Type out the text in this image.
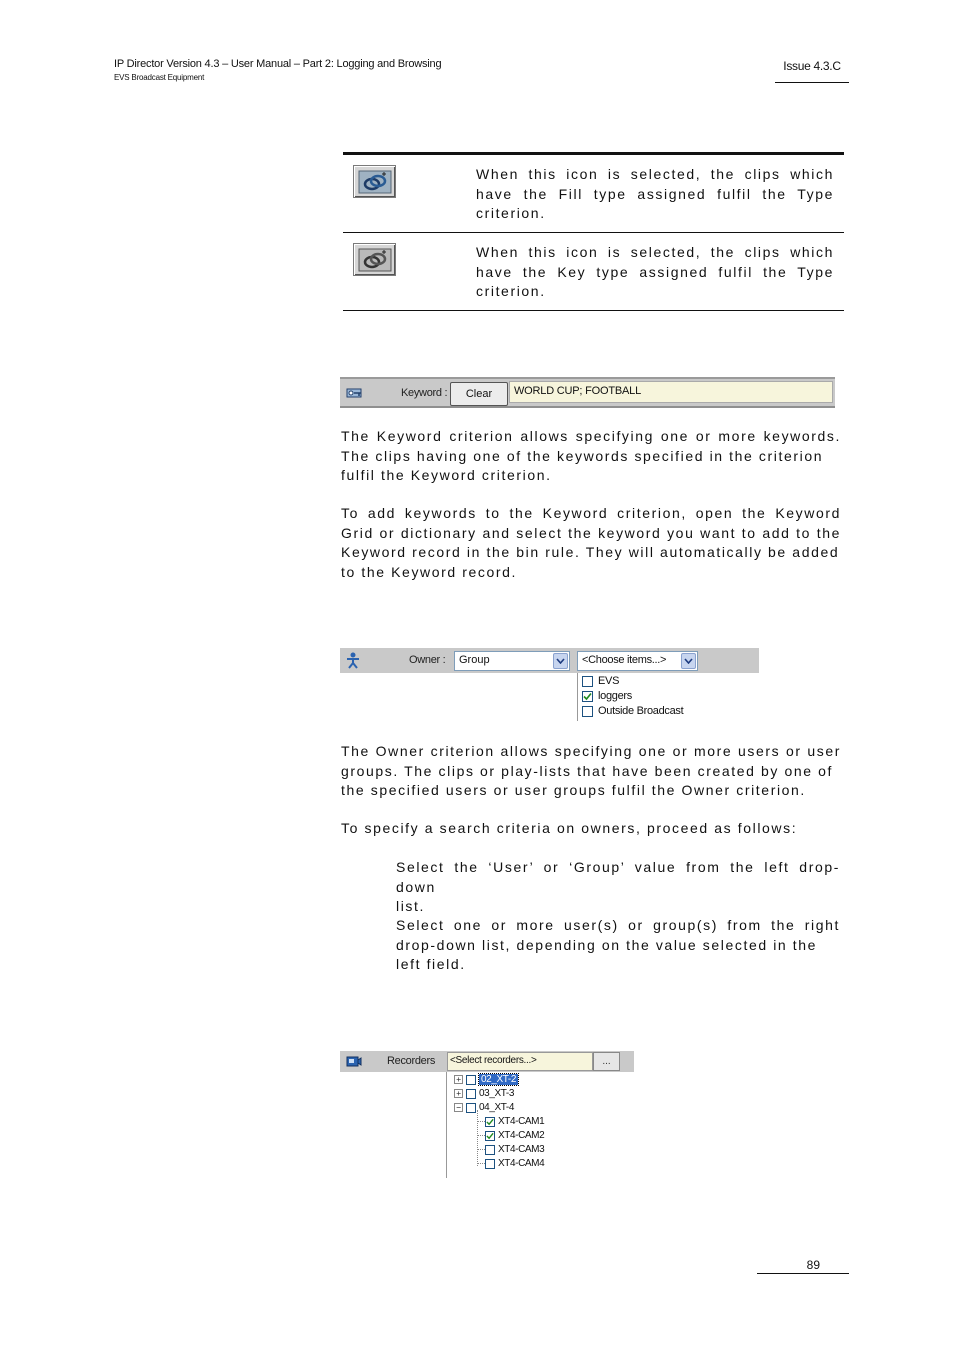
IP Director Version 4.3 – User Manual – Part 2: Logging and Browsing
EVS Broadcast Equipment
Issue 4.3.C
When this icon is selected, the clips which have the Fill type assigned fulfil the Type criterion.
When this icon is selected, the clips which have the Key type assigned fulfil the Type criterion.
Keyword :	Clear	WORLD CUP; FOOTBALL
The Keyword criterion allows specifying one or more keywords. The clips having one of the keywords specified in the criterion
fulfil the Keyword criterion.
To add keywords to the Keyword criterion, open the Keyword Grid or dictionary and select the keyword you want to add to the Keyword record in the bin rule. They will automatically be added
to the Keyword record.
Owner :	Group	<Choose items...>
EVS
loggers
Outside Broadcast
The Owner criterion allows specifying one or more users or user groups. The clips or play-lists that have been created by one of
the specified users or user groups fulfil the Owner criterion.
To specify a search criteria on owners, proceed as follows:
Select the ‘User’ or ‘Group’ value from the left drop-down
list.
Select one or more user(s) or group(s) from the right drop-down list, depending on the value selected in the
left field.
Recorders	<Select recorders...>	...
+ 02_XT-2
+ 03_XT-3
− 04_XT-4
XT4-CAM1
XT4-CAM2
XT4-CAM3
XT4-CAM4
89
